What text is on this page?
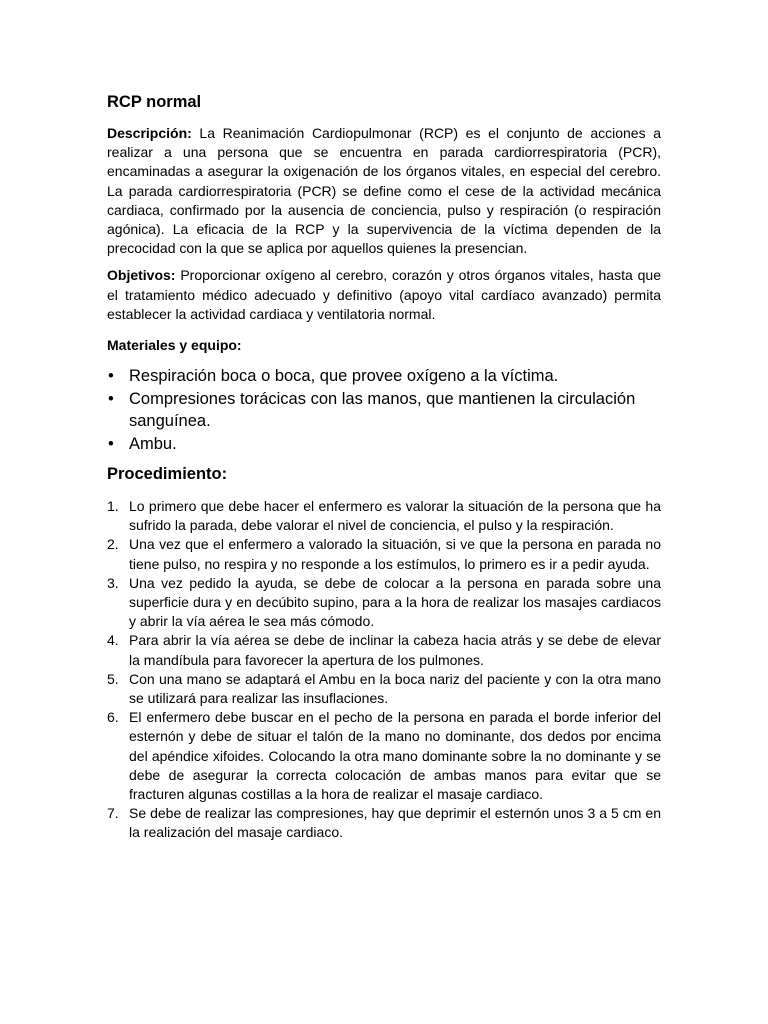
RCP normal

Descripción: La Reanimación Cardiopulmonar (RCP) es el conjunto de acciones a realizar a una persona que se encuentra en parada cardiorrespiratoria (PCR), encaminadas a asegurar la oxigenación de los órganos vitales, en especial del cerebro. La parada cardiorrespiratoria (PCR) se define como el cese de la actividad mecánica cardiaca, confirmado por la ausencia de conciencia, pulso y respiración (o respiración agónica). La eficacia de la RCP y la supervivencia de la víctima dependen de la precocidad con la que se aplica por aquellos quienes la presencian.

Objetivos: Proporcionar oxígeno al cerebro, corazón y otros órganos vitales, hasta que el tratamiento médico adecuado y definitivo (apoyo vital cardíaco avanzado) permita establecer la actividad cardiaca y ventilatoria normal.

Materiales y equipo:
• Respiración boca o boca, que provee oxígeno a la víctima.
• Compresiones torácicas con las manos, que mantienen la circulación sanguínea.
• Ambu.
Procedimiento:
1. Lo primero que debe hacer el enfermero es valorar la situación de la persona que ha sufrido la parada, debe valorar el nivel de conciencia, el pulso y la respiración.
2. Una vez que el enfermero a valorado la situación, si ve que la persona en parada no tiene pulso, no respira y no responde a los estímulos, lo primero es ir a pedir ayuda.
3. Una vez pedido la ayuda, se debe de colocar a la persona en parada sobre una superficie dura y en decúbito supino, para a la hora de realizar los masajes cardiacos y abrir la vía aérea le sea más cómodo.
4. Para abrir la vía aérea se debe de inclinar la cabeza hacia atrás y se debe de elevar la mandíbula para favorecer la apertura de los pulmones.
5. Con una mano se adaptará el Ambu en la boca nariz del paciente y con la otra mano se utilizará para realizar las insuflaciones.
6. El enfermero debe buscar en el pecho de la persona en parada el borde inferior del esternón y debe de situar el talón de la mano no dominante, dos dedos por encima del apéndice xifoides. Colocando la otra mano dominante sobre la no dominante y se debe de asegurar la correcta colocación de ambas manos para evitar que se fracturen algunas costillas a la hora de realizar el masaje cardiaco.
7. Se debe de realizar las compresiones, hay que deprimir el esternón unos 3 a 5 cm en la realización del masaje cardiaco.
